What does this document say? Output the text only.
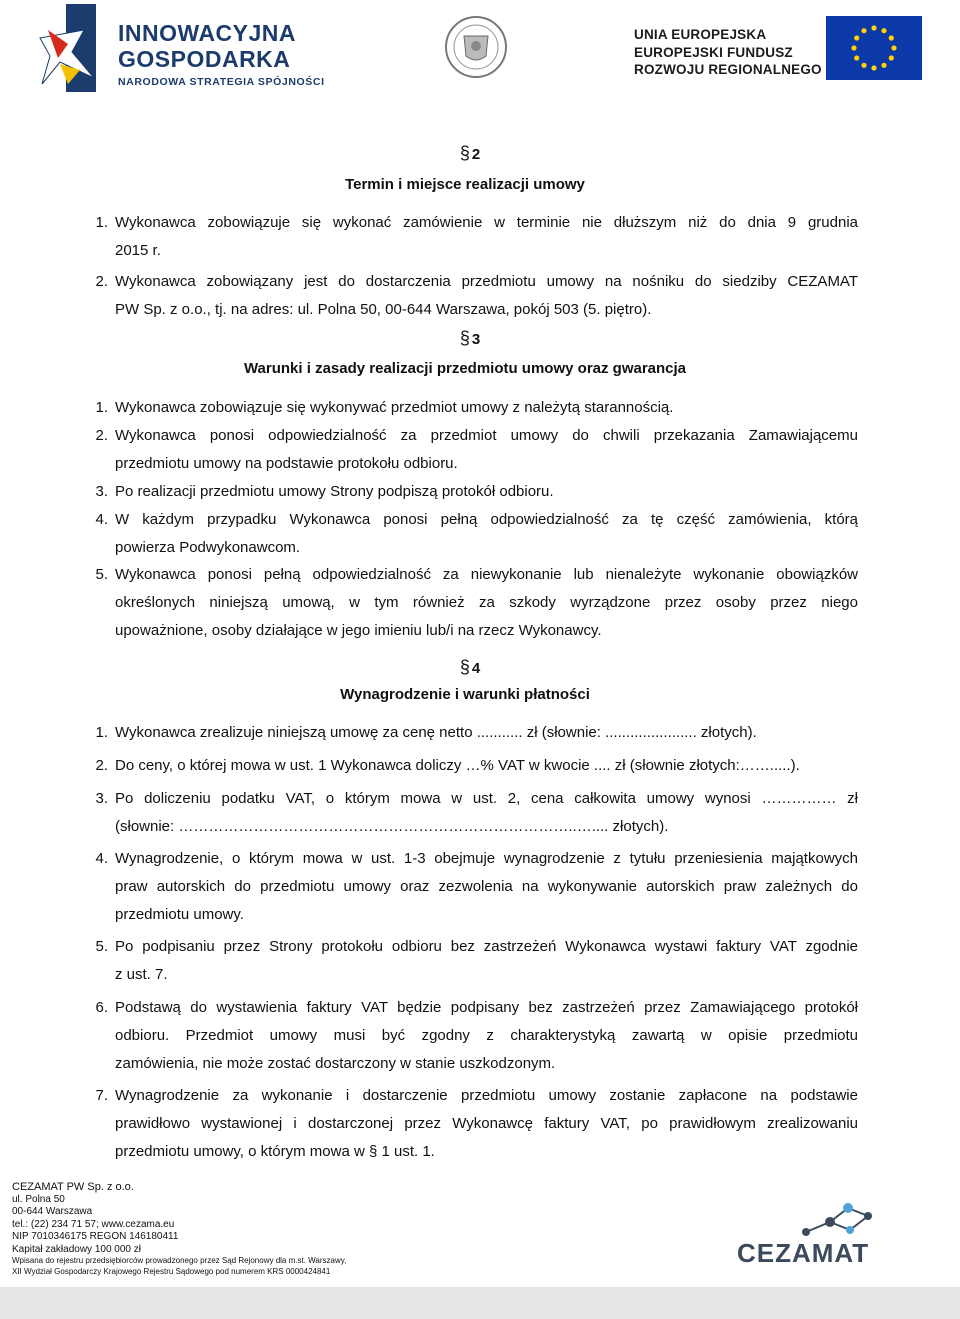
INNOWACYJNA
GOSPODARKA
NARODOWA STRATEGIA SPÓJNOŚCI
UNIA EUROPEJSKA
EUROPEJSKI FUNDUSZ
ROZWOJU REGIONALNEGO
§ 2
Termin i miejsce realizacji umowy
1. Wykonawca zobowiązuje się wykonać zamówienie w terminie nie dłuższym niż do dnia 9 grudnia
2015 r.
2. Wykonawca zobowiązany jest do dostarczenia przedmiotu umowy na nośniku do siedziby CEZAMAT
PW Sp. z o.o., tj. na adres: ul. Polna 50, 00-644 Warszawa, pokój 503 (5. piętro).
§ 3
Warunki i zasady realizacji przedmiotu umowy oraz gwarancja
1. Wykonawca zobowiązuje się wykonywać przedmiot umowy z należytą starannością.
2. Wykonawca ponosi odpowiedzialność za przedmiot umowy do chwili przekazania Zamawiającemu
przedmiotu umowy na podstawie protokołu odbioru.
3. Po realizacji przedmiotu umowy Strony podpiszą protokół odbioru.
4. W każdym przypadku Wykonawca ponosi pełną odpowiedzialność za tę część zamówienia, którą
powierza Podwykonawcom.
5. Wykonawca ponosi pełną odpowiedzialność za niewykonanie lub nienależyte wykonanie obowiązków
określonych niniejszą umową, w tym również za szkody wyrządzone przez osoby przez niego
upoważnione, osoby działające w jego imieniu lub/i na rzecz Wykonawcy.
§ 4
Wynagrodzenie i warunki płatności
1. Wykonawca zrealizuje niniejszą umowę za cenę netto ........... zł (słownie: ...................... złotych).
2. Do ceny, o której mowa w ust. 1 Wykonawca doliczy …% VAT w kwocie .... zł (słownie złotych:…….....).
3. Po doliczeniu podatku VAT, o którym mowa w ust. 2, cena całkowita umowy wynosi …………… zł
(słownie: ……………………………………………………………………..….... złotych).
4. Wynagrodzenie, o którym mowa w ust. 1-3 obejmuje wynagrodzenie z tytułu przeniesienia majątkowych
praw autorskich do przedmiotu umowy oraz zezwolenia na wykonywanie autorskich praw zależnych do
przedmiotu umowy.
5. Po podpisaniu przez Strony protokołu odbioru bez zastrzeżeń Wykonawca wystawi faktury VAT zgodnie
z ust. 7.
6. Podstawą do wystawienia faktury VAT będzie podpisany bez zastrzeżeń przez Zamawiającego protokół
odbioru. Przedmiot umowy musi być zgodny z charakterystyką zawartą w opisie przedmiotu
zamówienia, nie może zostać dostarczony w stanie uszkodzonym.
7. Wynagrodzenie za wykonanie i dostarczenie przedmiotu umowy zostanie zapłacone na podstawie
prawidłowo wystawionej i dostarczonej przez Wykonawcę faktury VAT, po prawidłowym zrealizowaniu
przedmiotu umowy, o którym mowa w § 1 ust. 1.
CEZAMAT PW Sp. z o.o.
ul. Polna 50
00-644 Warszawa
tel.: (22) 234 71 57; www.cezama.eu
NIP 7010346175 REGON 146180411
Kapitał zakładowy 100 000 zł
Wpisana do rejestru przedsiębiorców prowadzonego przez Sąd Rejonowy dla m.st. Warszawy,
XII Wydział Gospodarczy Krajowego Rejestru Sądowego pod numerem KRS 0000424841
CEZAMAT
